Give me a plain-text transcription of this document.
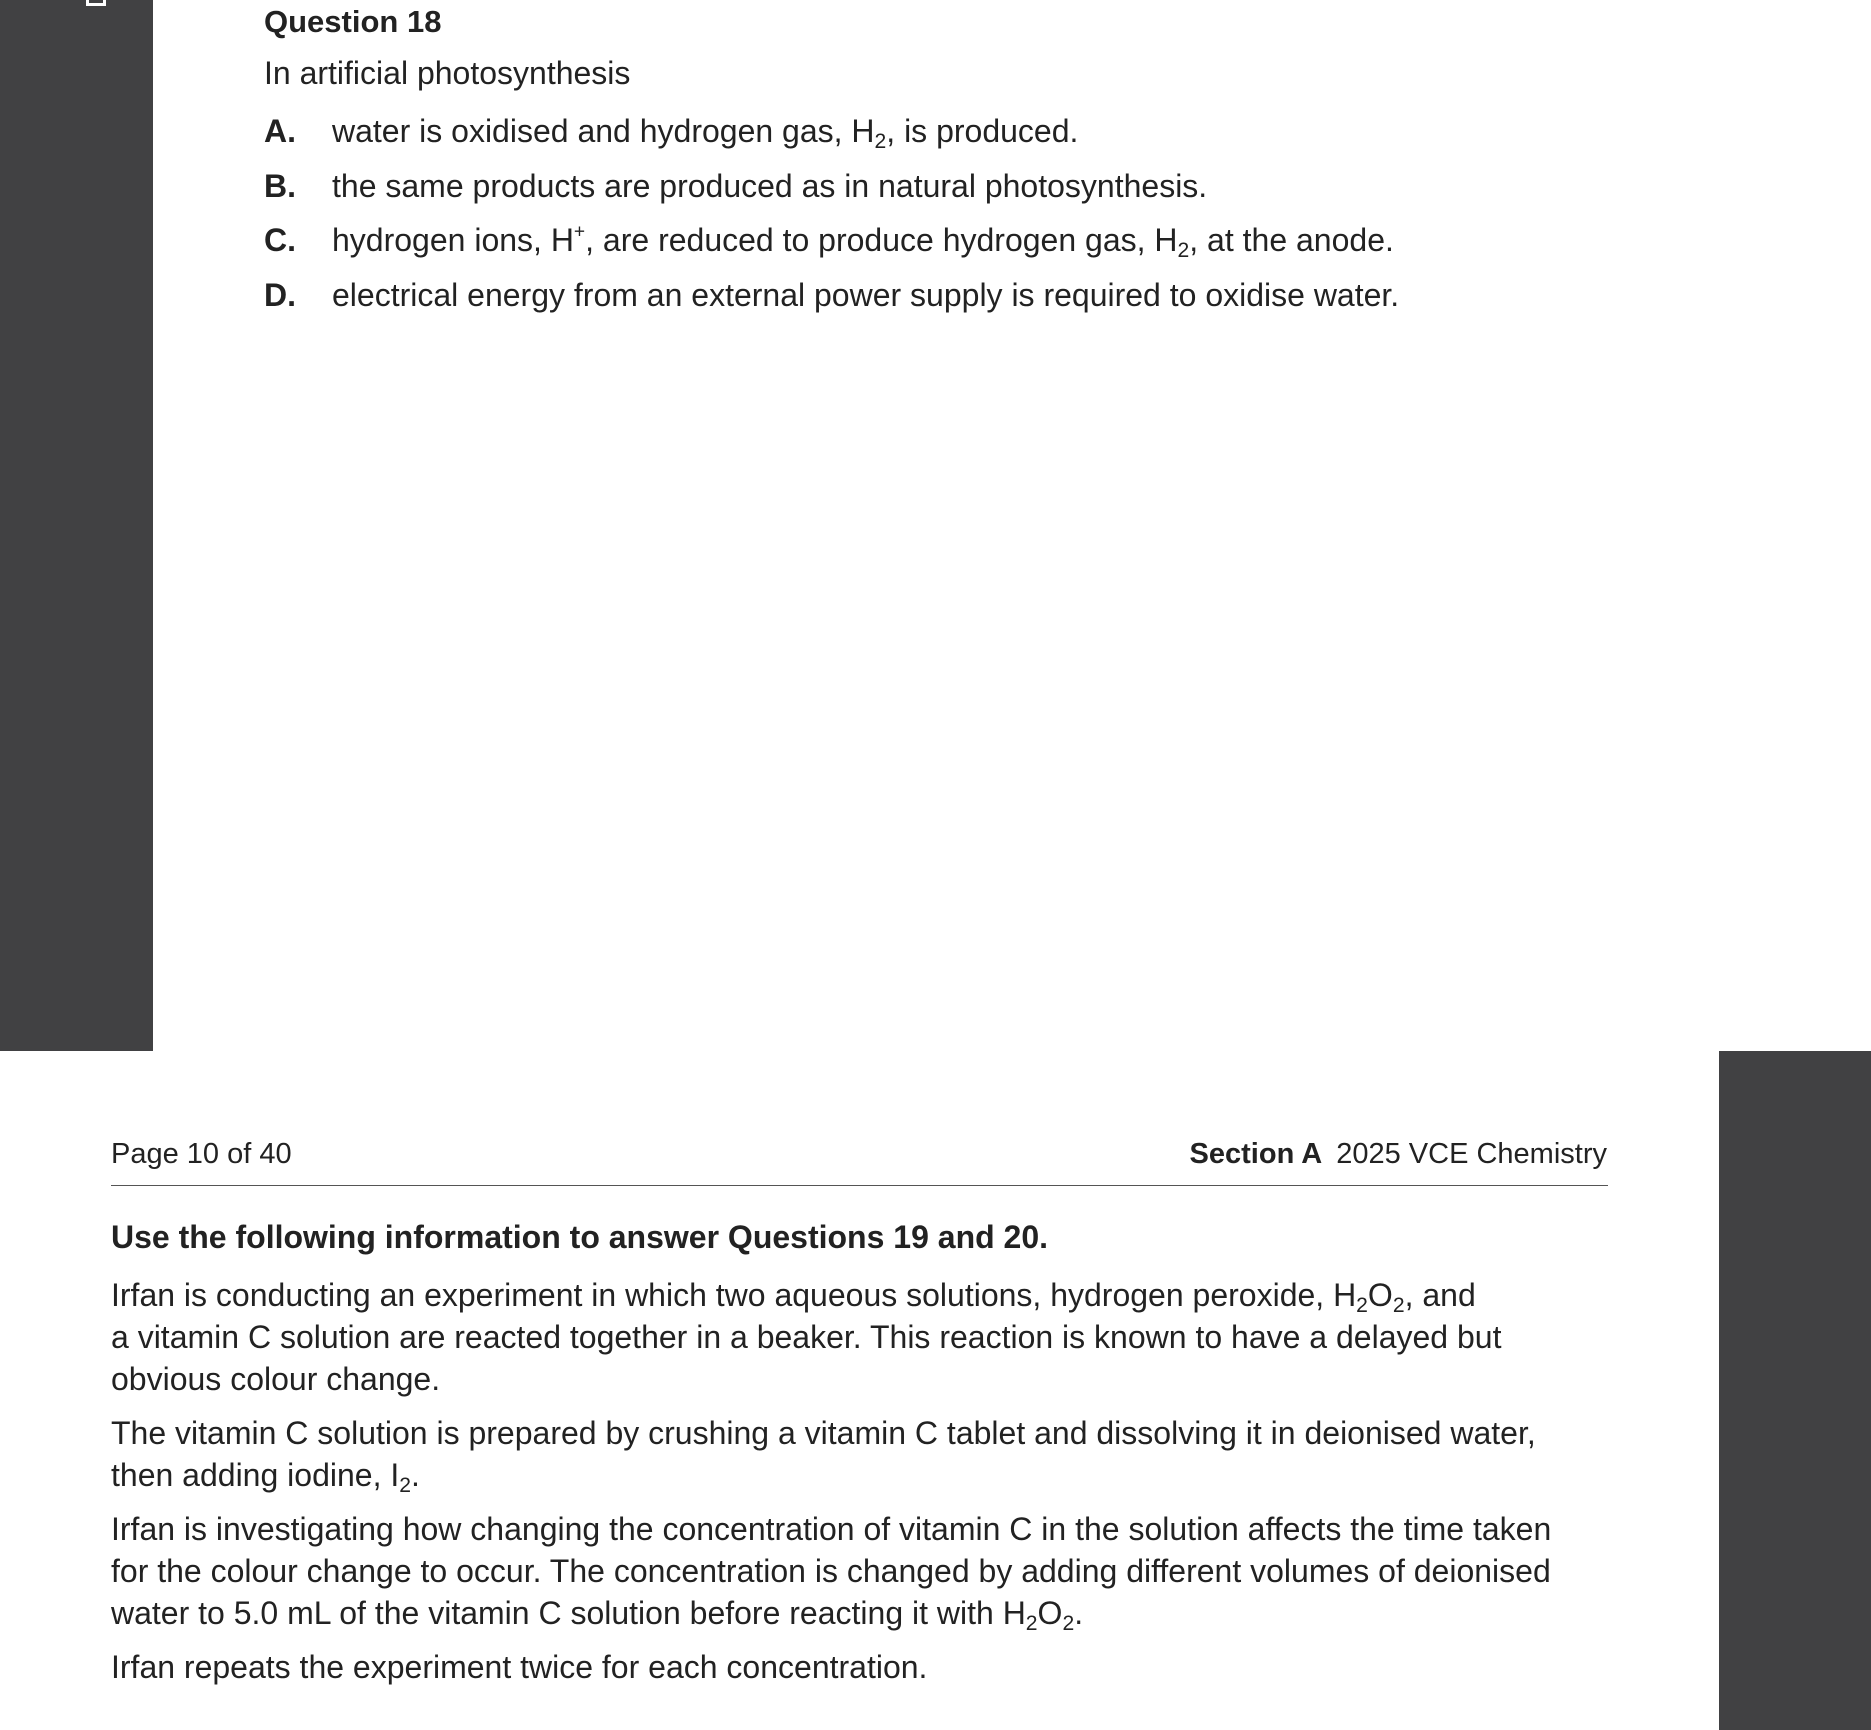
Question 18

In artificial photosynthesis

A. water is oxidised and hydrogen gas, $H_2$, is produced.
B. the same products are produced as in natural photosynthesis.
C. hydrogen ions, H+, are reduced to produce hydrogen gas, $H_2$, at the anode.
D. electrical energy from an external power supply is required to oxidise water.
Page 10 of 40	Section A 2025 VCE Chemistry

Use the following information to answer Questions 19 and 20.

Irfan is conducting an experiment in which two aqueous solutions, hydrogen peroxide, $H_2O_2$, and
a vitamin C solution are reacted together in a beaker. This reaction is known to have a delayed but
obvious colour change.

The vitamin C solution is prepared by crushing a vitamin C tablet and dissolving it in deionised water,
then adding iodine, $I_2$.

Irfan is investigating how changing the concentration of vitamin C in the solution affects the time taken
for the colour change to occur. The concentration is changed by adding different volumes of deionised
water to 5.0 mL of the vitamin C solution before reacting it with $H_2O_2$.

Irfan repeats the experiment twice for each concentration.
